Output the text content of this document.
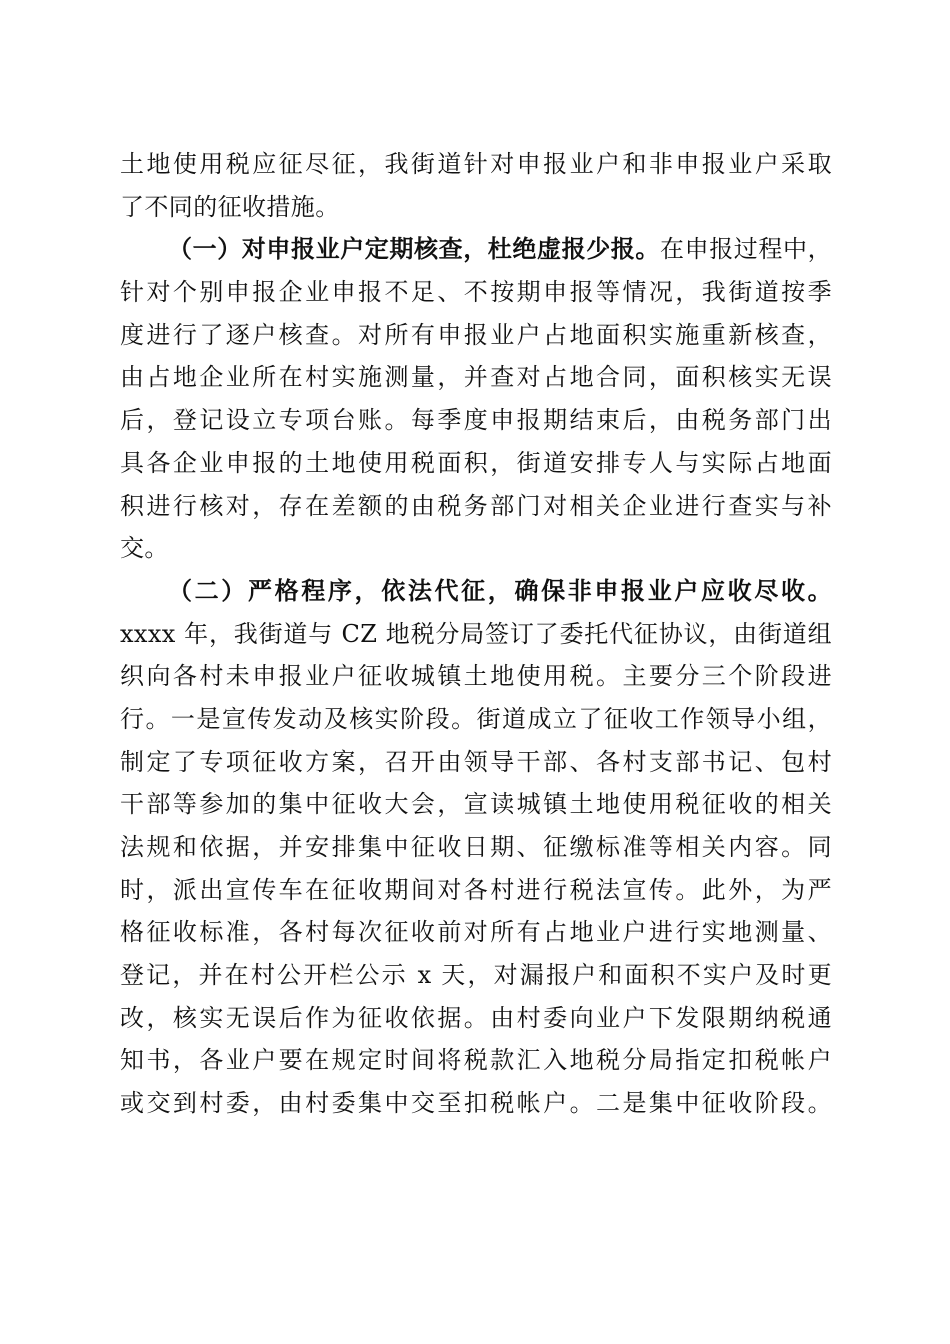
土地使用税应征尽征，我街道针对申报业户和非申报业户采取
了不同的征收措施。
（一）对申报业户定期核查，杜绝虚报少报。在申报过程中，
针对个别申报企业申报不足、不按期申报等情况，我街道按季
度进行了逐户核查。对所有申报业户占地面积实施重新核查，
由占地企业所在村实施测量，并查对占地合同，面积核实无误
后，登记设立专项台账。每季度申报期结束后，由税务部门出
具各企业申报的土地使用税面积，街道安排专人与实际占地面
积进行核对，存在差额的由税务部门对相关企业进行查实与补
交。
（二）严格程序，依法代征，确保非申报业户应收尽收。
xxxx 年，我街道与 CZ 地税分局签订了委托代征协议，由街道组
织向各村未申报业户征收城镇土地使用税。主要分三个阶段进
行。一是宣传发动及核实阶段。街道成立了征收工作领导小组，
制定了专项征收方案，召开由领导干部、各村支部书记、包村
干部等参加的集中征收大会，宣读城镇土地使用税征收的相关
法规和依据，并安排集中征收日期、征缴标准等相关内容。同
时，派出宣传车在征收期间对各村进行税法宣传。此外，为严
格征收标准，各村每次征收前对所有占地业户进行实地测量、
登记，并在村公开栏公示 x 天，对漏报户和面积不实户及时更
改，核实无误后作为征收依据。由村委向业户下发限期纳税通
知书，各业户要在规定时间将税款汇入地税分局指定扣税帐户
或交到村委，由村委集中交至扣税帐户。二是集中征收阶段。
